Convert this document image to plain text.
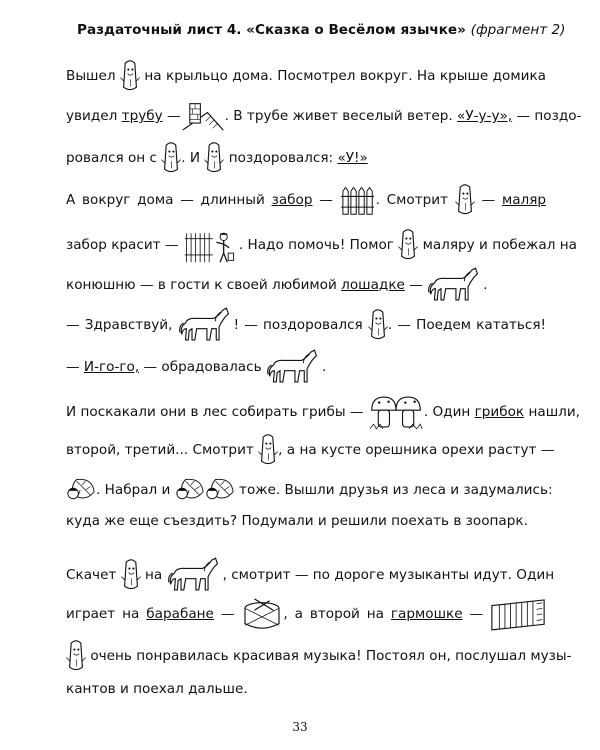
Раздаточный лист 4. «Сказка о Весёлом язычке» (фрагмент 2)
Вышел на крыльцо дома. Посмотрел вокруг. На крыше домика
увидел трубу —	. В трубе живет веселый ветер. «У-у-у», — поздо-
ровался он с . И поздоровался: «У!»
А вокруг дома — длинный забор —	. Смотрит — маляр
забор красит —	. Надо помочь! Помог маляру и побежал на
конюшню — в гости к своей любимой лошадке —	.
— Здравствуй,	! — поздоровался . — Поедем кататься!
— И-го-го, — обрадовалась	.
И поскакали они в лес собирать грибы —	. Один грибок нашли,
второй, третий... Смотрит , а на кусте орешника орехи растут —
. Набрал и	тоже. Вышли друзья из леса и задумались:
куда же еще съездить? Подумали и решили поехать в зоопарк.
Скачет на	, смотрит — по дороге музыканты идут. Один
играет на барабане —	, а второй на гармошке —
очень понравилась красивая музыка! Постоял он, послушал музы-
кантов и поехал дальше.
33
